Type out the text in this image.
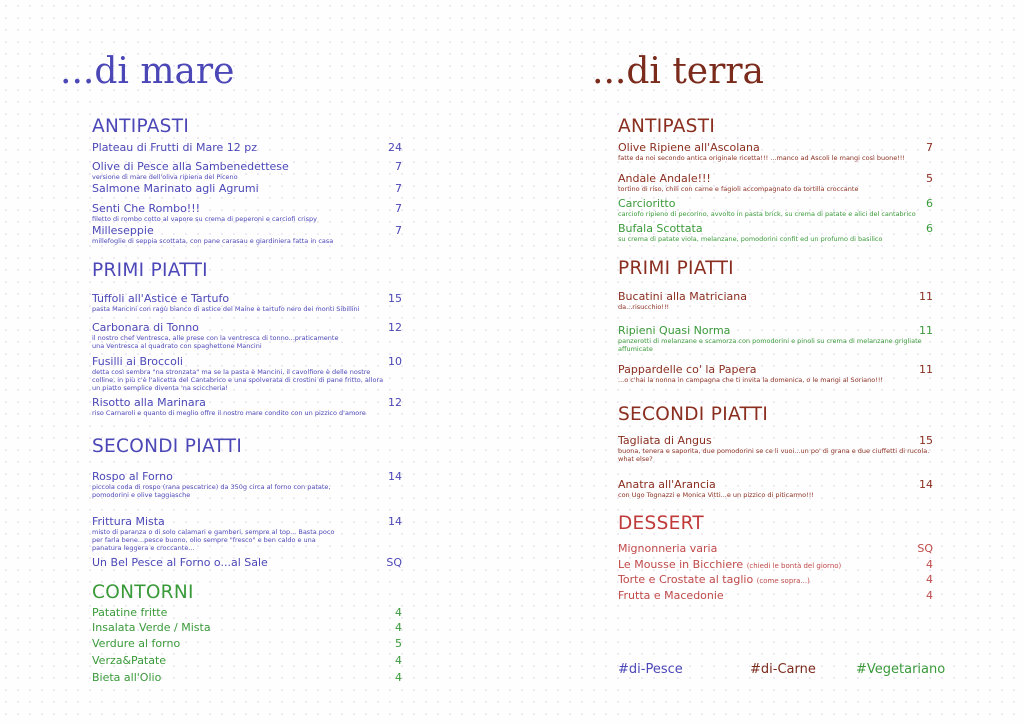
...di mare
ANTIPASTI
Plateau di Frutti di Mare 12 pz	24
Olive di Pesce alla Sambenedettese	7
versione di mare dell'oliva ripiena del Piceno
Salmone Marinato agli Agrumi	7
Senti Che Rombo!!!	7
filetto di rombo cotto al vapore su crema di peperoni e carciofi crispy
Milleseppie	7
millefoglie di seppia scottata, con pane carasau e giardiniera fatta in casa
PRIMI PIATTI
Tuffoli all'Astice e Tartufo	15
pasta Mancini con ragù bianco di astice del Maine e tartufo nero dei monti Sibillini
Carbonara di Tonno	12
il nostro chef Ventresca, alle prese con la ventresca di tonno...praticamente una Ventresca al quadrato con spaghettone Mancini
Fusilli ai Broccoli	10
detta così sembra "na stronzata" ma se la pasta è Mancini, il cavolfiore è delle nostre colline, in più c'è l'alicetta del Cantabrico e una spolverata di crostini di pane fritto, allora un piatto semplice diventa 'na sciccheria!
Risotto alla Marinara	12
riso Carnaroli e quanto di meglio offre il nostro mare condito con un pizzico d'amore
SECONDI PIATTI
Rospo al Forno	14
piccola coda di rospo (rana pescatrice) da 350g circa al forno con patate, pomodorini e olive taggiasche
Frittura Mista	14
misto di paranza o di solo calamari e gamberi, sempre al top... Basta poco per farla bene...pesce buono, olio sempre "fresco" e ben caldo e una panatura leggera e croccante...
Un Bel Pesce al Forno o...al Sale	SQ
CONTORNI
Patatine fritte	4
Insalata Verde / Mista	4
Verdure al forno	5
Verza&Patate	4
Bieta all'Olio	4
...di terra
ANTIPASTI
Olive Ripiene all'Ascolana	7
fatte da noi secondo antica originale ricetta!!! ...manco ad Ascoli le mangi così buone!!!
Andale Andale!!!	5
tortino di riso, chili con carne e fagioli accompagnato da tortilla croccante
Carcioritto	6
carciofo ripieno di pecorino, avvolto in pasta brick, su crema di patate e alici del cantabrico
Bufala Scottata	6
su crema di patate viola, melanzane, pomodorini confit ed un profumo di basilico
PRIMI PIATTI
Bucatini alla Matriciana	11
da...risucchio!!!
Ripieni Quasi Norma	11
panzerotti di melanzane e scamorza con pomodorini e pinoli su crema di melanzane grigliate affumicate
Pappardelle co' la Papera	11
...o c'hai la nonna in campagna che ti invita la domenica, o le mangi al Soriano!!!
SECONDI PIATTI
Tagliata di Angus	15
buona, tenera e saporita, due pomodorini se ce li vuoi...un po' di grana e due ciuffetti di rucola. what else?
Anatra all'Arancia	14
con Ugo Tognazzi e Monica Vitti...e un pizzico di piticarmo!!!
DESSERT
Mignonneria varia	SQ
Le Mousse in Bicchiere (chiedi le bontà del giorno)	4
Torte e Crostate al taglio (come sopra...)	4
Frutta e Macedonie	4
#di-Pesce	#di-Carne	#Vegetariano
